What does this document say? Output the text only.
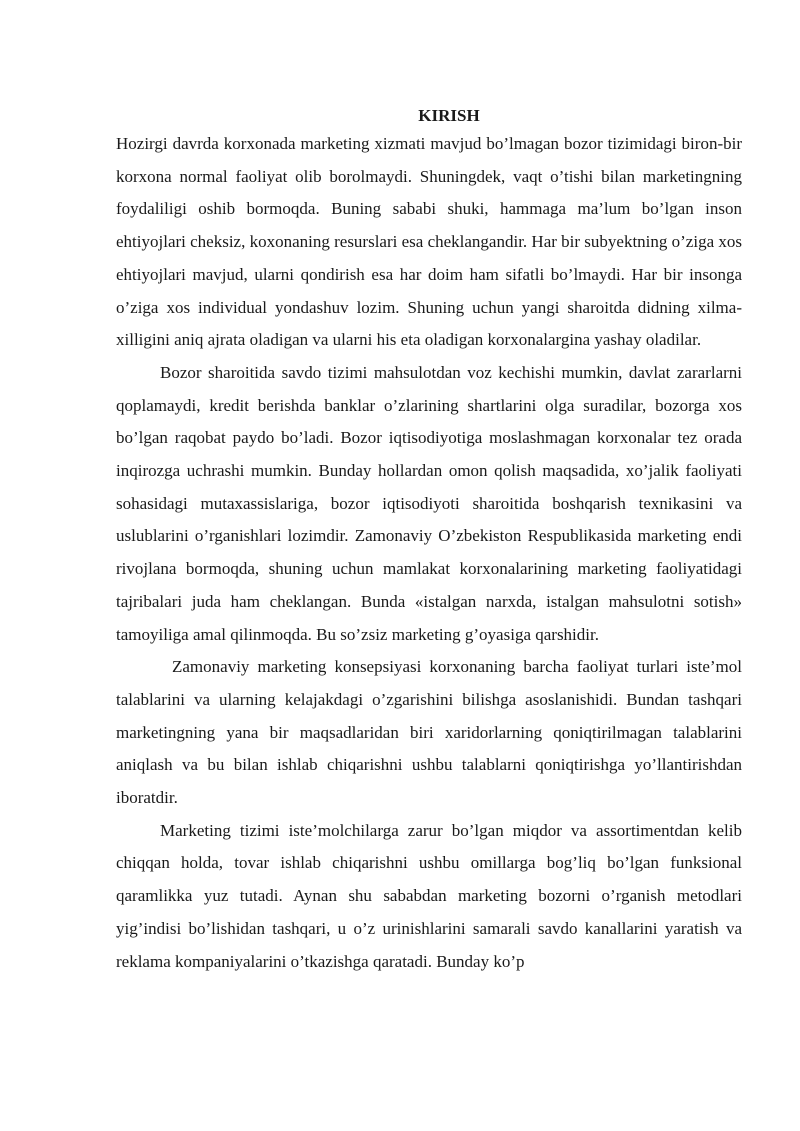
KIRISH

Hozirgi davrda korxonada marketing xizmati mavjud bo’lmagan bozor tizimidagi biron-bir korxona normal faoliyat olib borolmaydi. Shuningdek, vaqt o’tishi bilan marketingning foydaliligi oshib bormoqda. Buning sababi shuki, hammaga ma’lum bo’lgan inson ehtiyojlari cheksiz, koxonaning resurslari esa cheklangandir. Har bir subyektning o’ziga xos ehtiyojlari mavjud, ularni qondirish esa har doim ham sifatli bo’lmaydi. Har bir insonga o’ziga xos individual yondashuv lozim. Shuning uchun yangi sharoitda didning xilma-xilligini aniq ajrata oladigan va ularni his eta oladigan korxonalargina yashay oladilar.

Bozor sharoitida savdo tizimi mahsulotdan voz kechishi mumkin, davlat zararlarni qoplamaydi, kredit berishda banklar o’zlarining shartlarini olga suradilar, bozorga xos bo’lgan raqobat paydo bo’ladi. Bozor iqtisodiyotiga moslashmagan korxonalar tez orada inqirozga uchrashi mumkin. Bunday hollardan omon qolish maqsadida, xo’jalik faoliyati sohasidagi mutaxassislariga, bozor iqtisodiyoti sharoitida boshqarish texnikasini va uslublarini o’rganishlari lozimdir. Zamonaviy O’zbekiston Respublikasida marketing endi rivojlana bormoqda, shuning uchun mamlakat korxonalarining marketing faoliyatidagi tajribalari juda ham cheklangan. Bunda «istalgan narxda, istalgan mahsulotni sotish» tamoyiliga amal qilinmoqda. Bu so’zsiz marketing g’oyasiga qarshidir.

Zamonaviy marketing konsepsiyasi korxonaning barcha faoliyat turlari iste’mol talablarini va ularning kelajakdagi o’zgarishini bilishga asoslanishidi. Bundan tashqari marketingning yana bir maqsadlaridan biri xaridorlarning qoniqtirilmagan talablarini aniqlash va bu bilan ishlab chiqarishni ushbu talablarni qoniqtirishga yo’llantirishdan iboratdir.

Marketing tizimi iste’molchilarga zarur bo’lgan miqdor va assortimentdan kelib chiqqan holda, tovar ishlab chiqarishni ushbu omillarga bog’liq bo’lgan funksional qaramlikka yuz tutadi. Aynan shu sababdan marketing bozorni o’rganish metodlari yig’indisi bo’lishidan tashqari, u o’z urinishlarini samarali savdo kanallarini yaratish va reklama kompaniyalarini o’tkazishga qaratadi. Bunday ko’p
